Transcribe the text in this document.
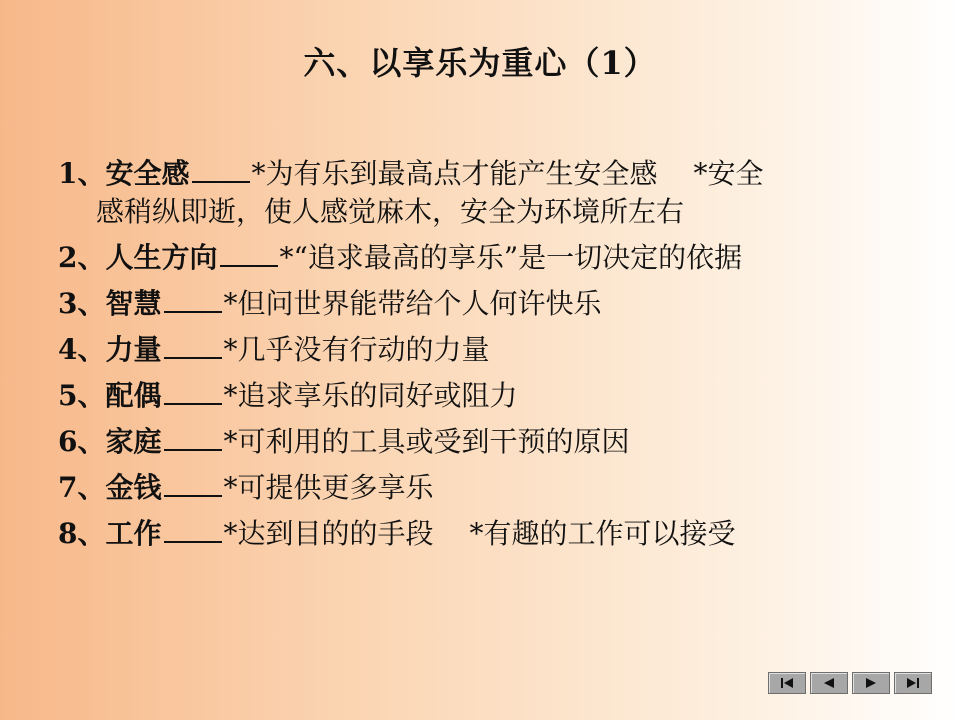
六、以享乐为重心（1）
1、安全感 *为有乐到最高点才能产生安全感 *安全
感稍纵即逝，使人感觉麻木，安全为环境所左右
2、人生方向 *“追求最高的享乐”是一切决定的依据
3、智慧 *但问世界能带给个人何许快乐
4、力量 *几乎没有行动的力量
5、配偶 *追求享乐的同好或阻力
6、家庭 *可利用的工具或受到干预的原因
7、金钱 *可提供更多享乐
8、工作 *达到目的的手段 *有趣的工作可以接受
